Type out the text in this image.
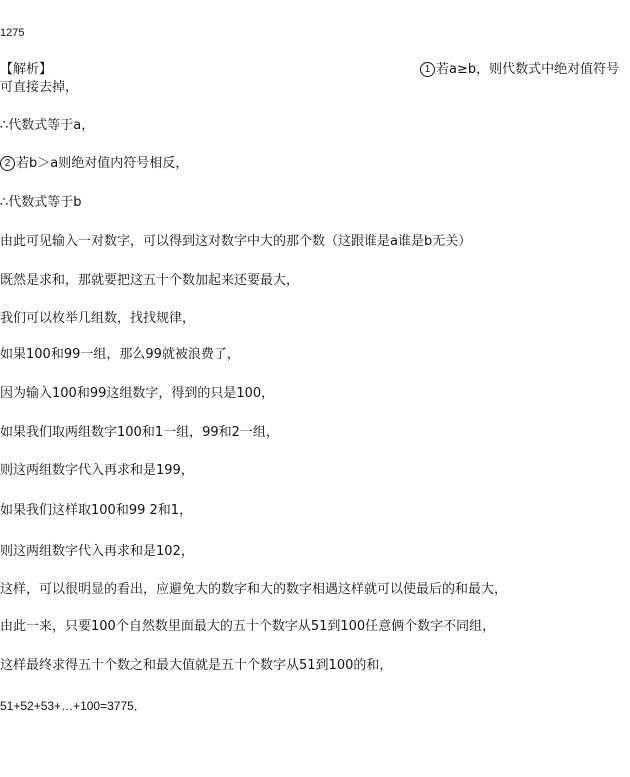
1275
【解析】	1 若a≥b，则代数式中绝对值符号
可直接去掉，
∴代数式等于a，
2 若b＞a则绝对值内符号相反，
∴代数式等于b
由此可见输入一对数字，可以得到这对数字中大的那个数（这跟谁是a谁是b无关）
既然是求和，那就要把这五十个数加起来还要最大，
我们可以枚举几组数，找找规律，
如果100和99一组，那么99就被浪费了，
因为输入100和99这组数字，得到的只是100，
如果我们取两组数字100和1一组，99和2一组，
则这两组数字代入再求和是199，
如果我们这样取100和99 2和1，
则这两组数字代入再求和是102，
这样，可以很明显的看出，应避免大的数字和大的数字相遇这样就可以使最后的和最大，
由此一来，只要100个自然数里面最大的五十个数字从51到100任意俩个数字不同组，
这样最终求得五十个数之和最大值就是五十个数字从51到100的和，
51+52+53+…+100=3775．
